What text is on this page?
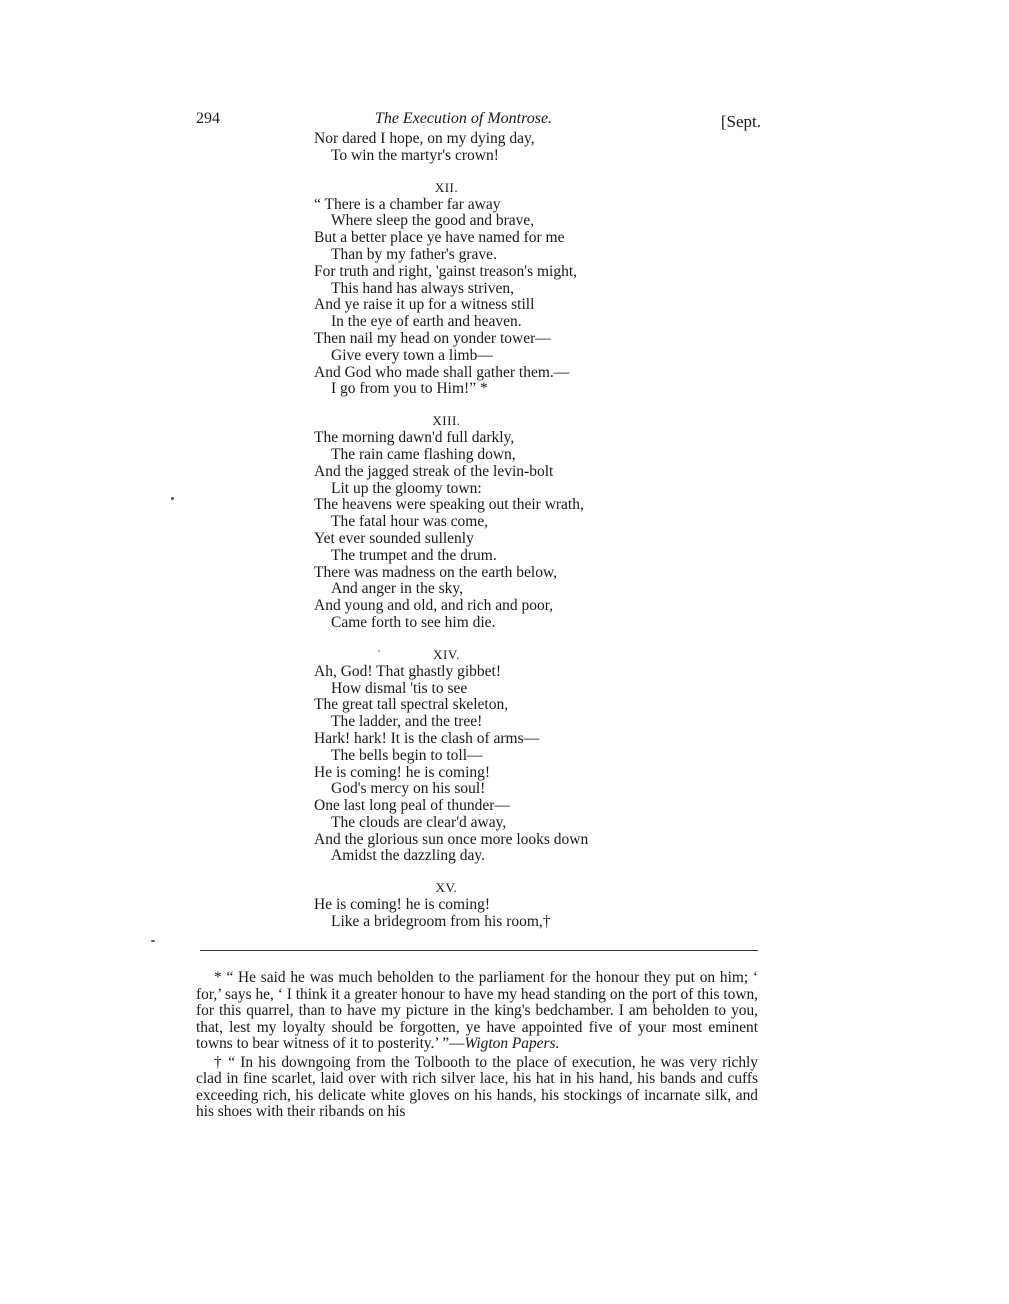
294	The Execution of Montrose.	[Sept.
Nor dared I hope, on my dying day,
To win the martyr's crown!
XII.
“ There is a chamber far away
Where sleep the good and brave,
But a better place ye have named for me
Than by my father's grave.
For truth and right, 'gainst treason's might,
This hand has always striven,
And ye raise it up for a witness still
In the eye of earth and heaven.
Then nail my head on yonder tower—
Give every town a limb—
And God who made shall gather them.—
I go from you to Him!” *
XIII.
The morning dawn'd full darkly,
The rain came flashing down,
And the jagged streak of the levin-bolt
Lit up the gloomy town:
The heavens were speaking out their wrath,
The fatal hour was come,
Yet ever sounded sullenly
The trumpet and the drum.
There was madness on the earth below,
And anger in the sky,
And young and old, and rich and poor,
Came forth to see him die.
XIV.
Ah, God! That ghastly gibbet!
How dismal 'tis to see
The great tall spectral skeleton,
The ladder, and the tree!
Hark! hark! It is the clash of arms—
The bells begin to toll—
He is coming! he is coming!
God's mercy on his soul!
One last long peal of thunder—
The clouds are clear'd away,
And the glorious sun once more looks down
Amidst the dazzling day.
XV.
He is coming! he is coming!
Like a bridegroom from his room,†

* “ He said he was much beholden to the parliament for the honour they put on him; ‘ for,’ says he, ‘ I think it a greater honour to have my head standing on the port of this town, for this quarrel, than to have my picture in the king's bedchamber. I am beholden to you, that, lest my loyalty should be forgotten, ye have appointed five of your most eminent towns to bear witness of it to posterity.’ ”—Wigton Papers.

† “ In his downgoing from the Tolbooth to the place of execution, he was very richly clad in fine scarlet, laid over with rich silver lace, his hat in his hand, his bands and cuffs exceeding rich, his delicate white gloves on his hands, his stockings of incarnate silk, and his shoes with their ribands on his
